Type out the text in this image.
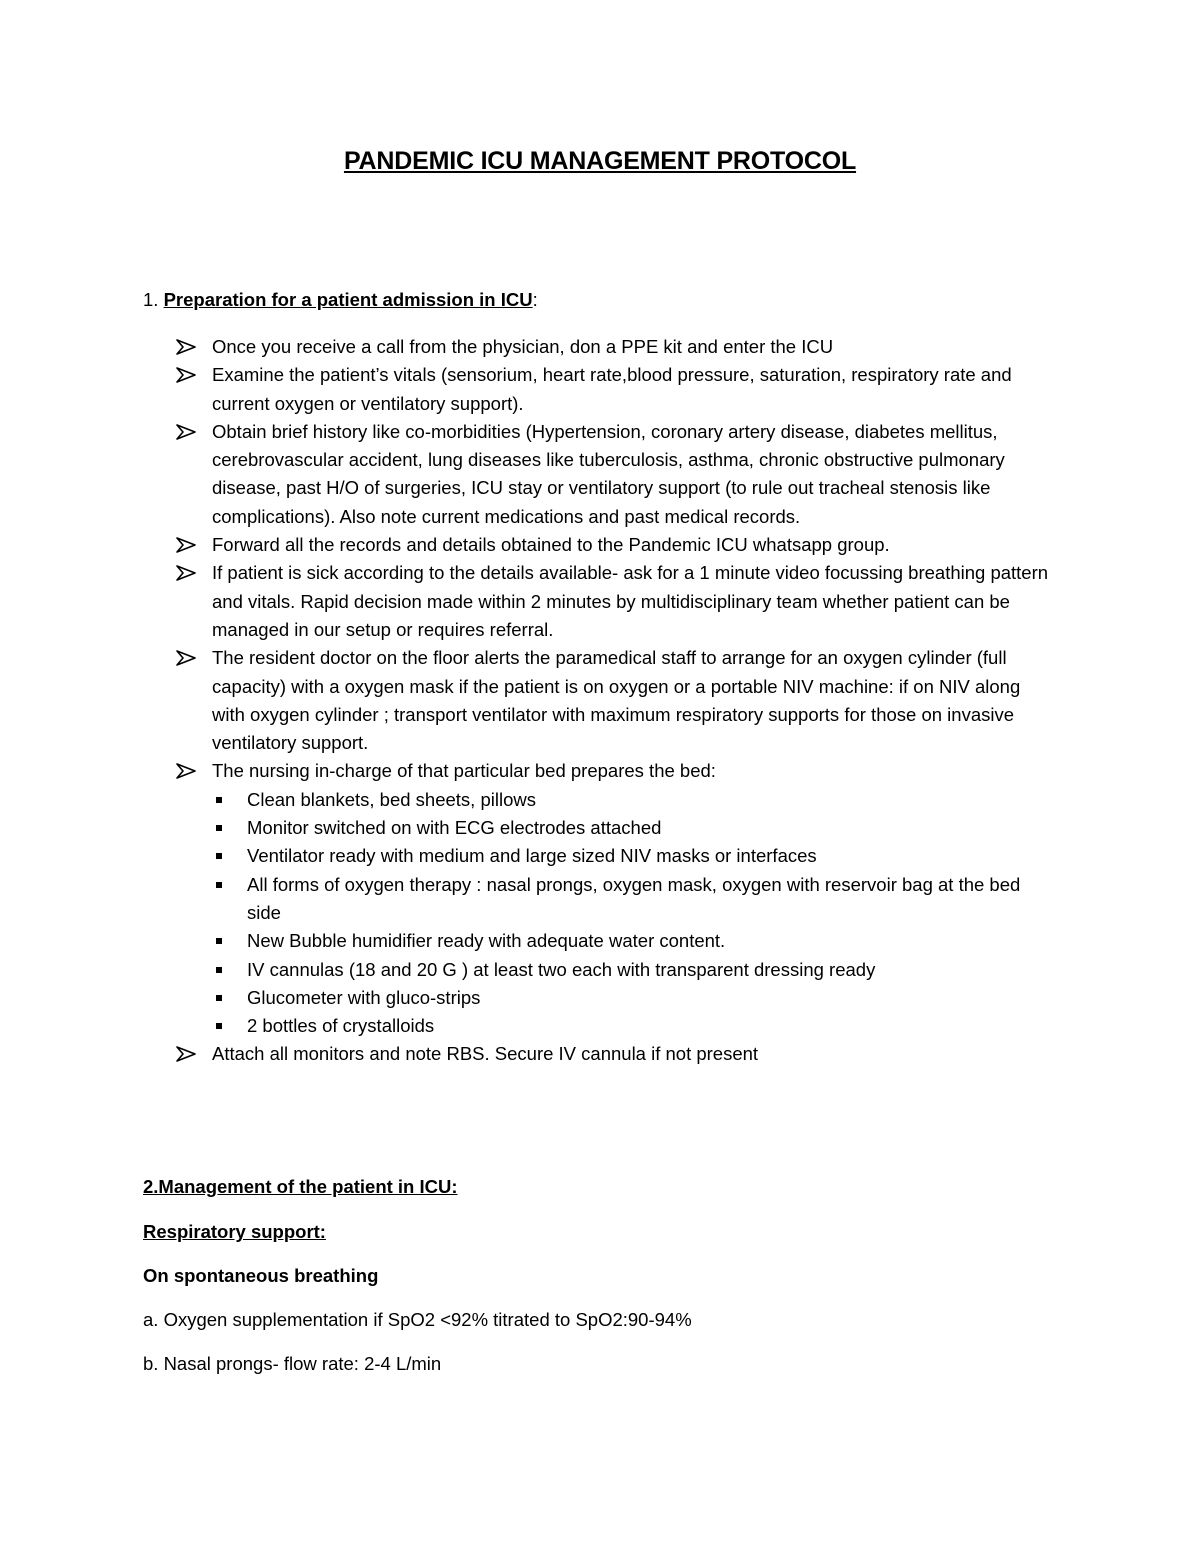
PANDEMIC ICU MANAGEMENT PROTOCOL
1. Preparation for a patient admission in ICU:
Once you receive a call from the physician, don a PPE kit and enter the ICU
Examine the patient’s vitals (sensorium, heart rate,blood pressure, saturation, respiratory rate and current oxygen or ventilatory support).
Obtain brief history like co-morbidities (Hypertension, coronary artery disease, diabetes mellitus, cerebrovascular accident, lung diseases like tuberculosis, asthma, chronic obstructive pulmonary disease, past H/O of surgeries, ICU stay or ventilatory support (to rule out tracheal stenosis like complications). Also note current medications and past medical records.
Forward all the records and details obtained to the Pandemic ICU whatsapp group.
If patient is sick according to the details available- ask for a 1 minute video focussing breathing pattern and vitals. Rapid decision made within 2 minutes by multidisciplinary team whether patient can be managed in our setup or requires referral.
The resident doctor on the floor alerts the paramedical staff to arrange for an oxygen cylinder (full capacity) with a oxygen mask if the patient is on oxygen or a portable NIV machine: if on NIV along with oxygen cylinder ; transport ventilator with maximum respiratory supports for those on invasive ventilatory support.
The nursing in-charge of that particular bed prepares the bed:
Clean blankets, bed sheets, pillows
Monitor switched on with ECG electrodes attached
Ventilator ready with medium and large sized NIV masks or interfaces
All forms of oxygen therapy : nasal prongs, oxygen mask, oxygen with reservoir bag at the bed side
New Bubble humidifier ready with adequate water content.
IV cannulas (18 and 20 G ) at least two each with transparent dressing ready
Glucometer with gluco-strips
2 bottles of crystalloids
Attach all monitors and note RBS. Secure IV cannula if not present
2.Management of the patient in ICU:
Respiratory support:
On spontaneous breathing
a. Oxygen supplementation if SpO2 <92% titrated to SpO2:90-94%
b. Nasal prongs- flow rate: 2-4 L/min
